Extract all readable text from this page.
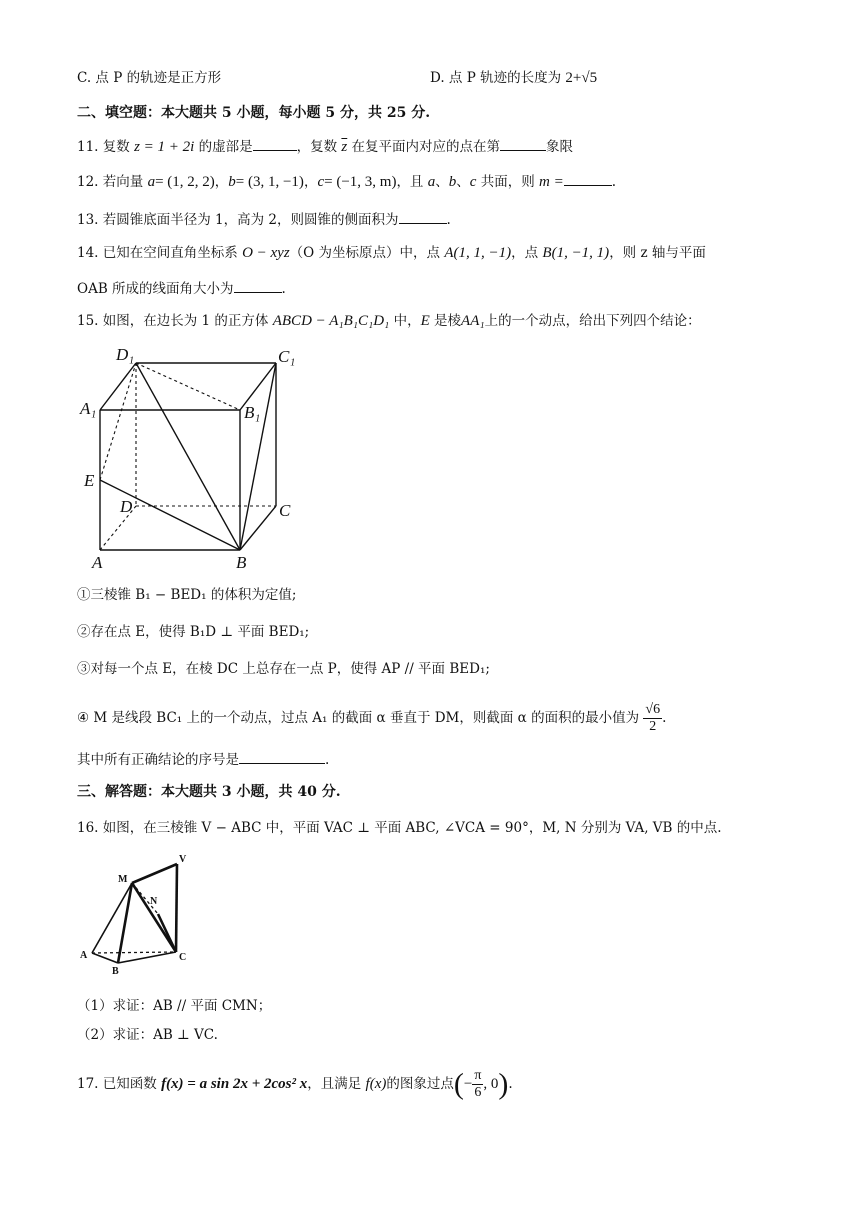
C. 点 P 的轨迹是正方形	D. 点 P 轨迹的长度为 2+√5
二、填空题：本大题共 5 小题，每小题 5 分，共 25 分.
11. 复数 z = 1 + 2i 的虚部是	，复数 $\overline{z}$ 在复平面内对应的点在第	象限
12. 若向量 a= (1, 2, 2)，b= (3, 1, −1)，c= (−1, 3, m)，且 a、b、c 共面，则 m =	.
13. 若圆锥底面半径为 1，高为 2，则圆锥的侧面积为	.
14. 已知在空间直角坐标系 O − xyz（O 为坐标原点）中，点 A(1, 1, −1)，点 B(1, −1, 1)，则 z 轴与平面
OAB 所成的线面角大小为	.
15. 如图，在边长为 1 的正方体 ABCD − A₁B₁C₁D₁ 中，E 是棱AA₁上的一个动点，给出下列四个结论：
D₁	C₁
A₁	B₁
E
D	C
A	B
①三棱锥 B₁ − BED₁ 的体积为定值;
②存在点 E，使得 B₁D ⊥ 平面 BED₁;
③对每一个点 E，在棱 DC 上总存在一点 P，使得 AP // 平面 BED₁;
④ M 是线段 BC₁ 上的一个动点，过点 A₁ 的截面 α 垂直于 DM，则截面 α 的面积的最小值为 $\frac{√6}{2}$ .
其中所有正确结论的序号是	.
三、解答题：本大题共 3 小题，共 40 分.
16. 如图，在三棱锥 V − ABC 中，平面 VAC ⊥ 平面 ABC, ∠VCA = 90°，M, N 分别为 VA, VB 的中点.
V
M
N
A	C
B
（1）求证：AB // 平面 CMN；
（2）求证：AB ⊥ VC.
17. 已知函数 f(x) = a sin 2x + 2cos² x，且满足 f(x)的图象过点(− $\frac{\pi}{6}$ , 0).
